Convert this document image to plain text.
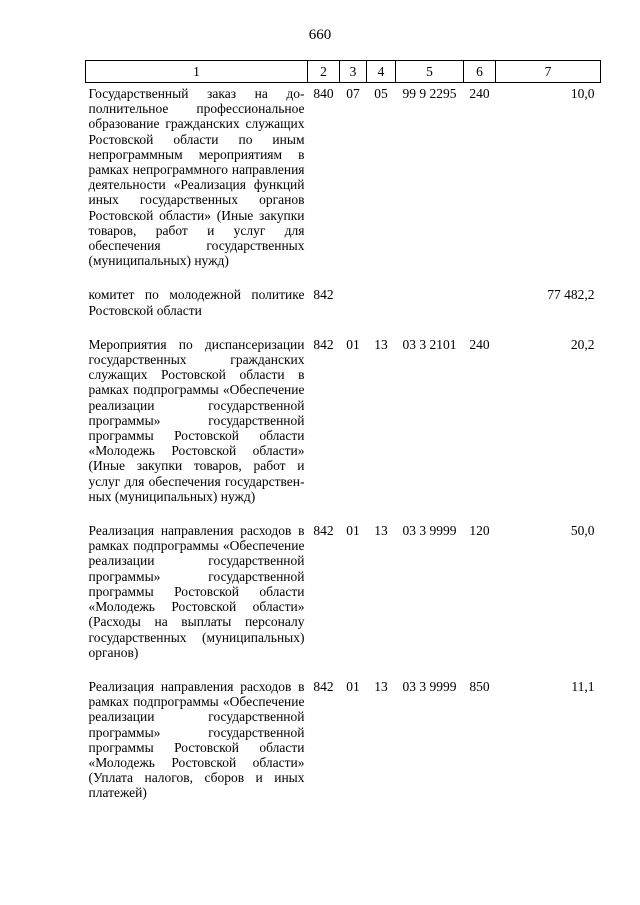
660
1	2	3	4	5	6	7
Государственный заказ на дополнительное профессиональное образование гражданских служащих Ростовской области по иным непрограммным мероприятиям в рамках непрограммного направления деятельности «Реализация функций иных государственных органов Ростовской области» (Иные закупки товаров, работ и услуг для обеспечения государственных (муниципальных) нужд)	840	07	05	99 9 2295	240	10,0
комитет по молодежной политике Ростовской области	842					77 482,2
Мероприятия по диспансеризации государственных гражданских служащих Ростовской области в рамках подпрограммы «Обеспечение реализации государственной программы» государственной программы Ростовской области «Молодежь Ростовской области» (Иные закупки товаров, работ и услуг для обеспечения государственных (муниципальных) нужд)	842	01	13	03 3 2101	240	20,2
Реализация направления расходов в рамках подпрограммы «Обеспечение реализации государственной программы» государственной программы Ростовской области «Молодежь Ростовской области» (Расходы на выплаты персоналу государственных (муниципальных) органов)	842	01	13	03 3 9999	120	50,0
Реализация направления расходов в рамках подпрограммы «Обеспечение реализации государственной программы» государственной программы Ростовской области «Молодежь Ростовской области» (Уплата налогов, сборов и иных платежей)	842	01	13	03 3 9999	850	11,1
